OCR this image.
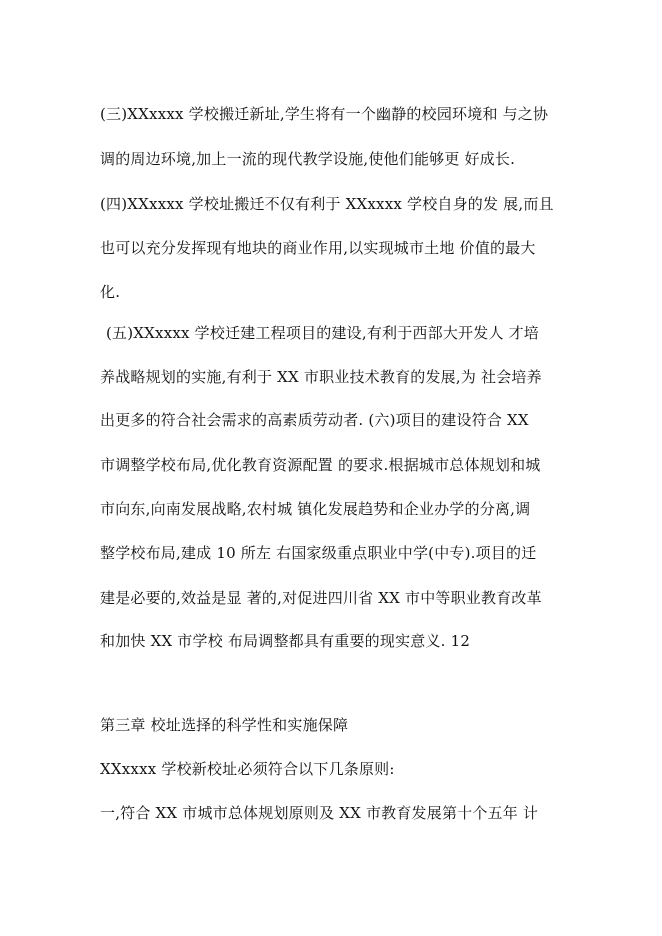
(三)XXxxxx 学校搬迁新址,学生将有一个幽静的校园环境和 与之协
调的周边环境,加上一流的现代教学设施,使他们能够更 好成长.
(四)XXxxxx 学校址搬迁不仅有利于 XXxxxx 学校自身的发 展,而且
也可以充分发挥现有地块的商业作用,以实现城市土地 价值的最大
化.
(五)XXxxxx 学校迁建工程项目的建设,有利于西部大开发人 才培
养战略规划的实施,有利于 XX 市职业技术教育的发展,为 社会培养
出更多的符合社会需求的高素质劳动者. (六)项目的建设符合 XX
市调整学校布局,优化教育资源配置 的要求.根据城市总体规划和城
市向东,向南发展战略,农村城 镇化发展趋势和企业办学的分离,调
整学校布局,建成 10 所左 右国家级重点职业中学(中专).项目的迁
建是必要的,效益是显 著的,对促进四川省 XX 市中等职业教育改革
和加快 XX 市学校 布局调整都具有重要的现实意义. 12
第三章 校址选择的科学性和实施保障
XXxxxx 学校新校址必须符合以下几条原则:
一,符合 XX 市城市总体规划原则及 XX 市教育发展第十个五年 计
